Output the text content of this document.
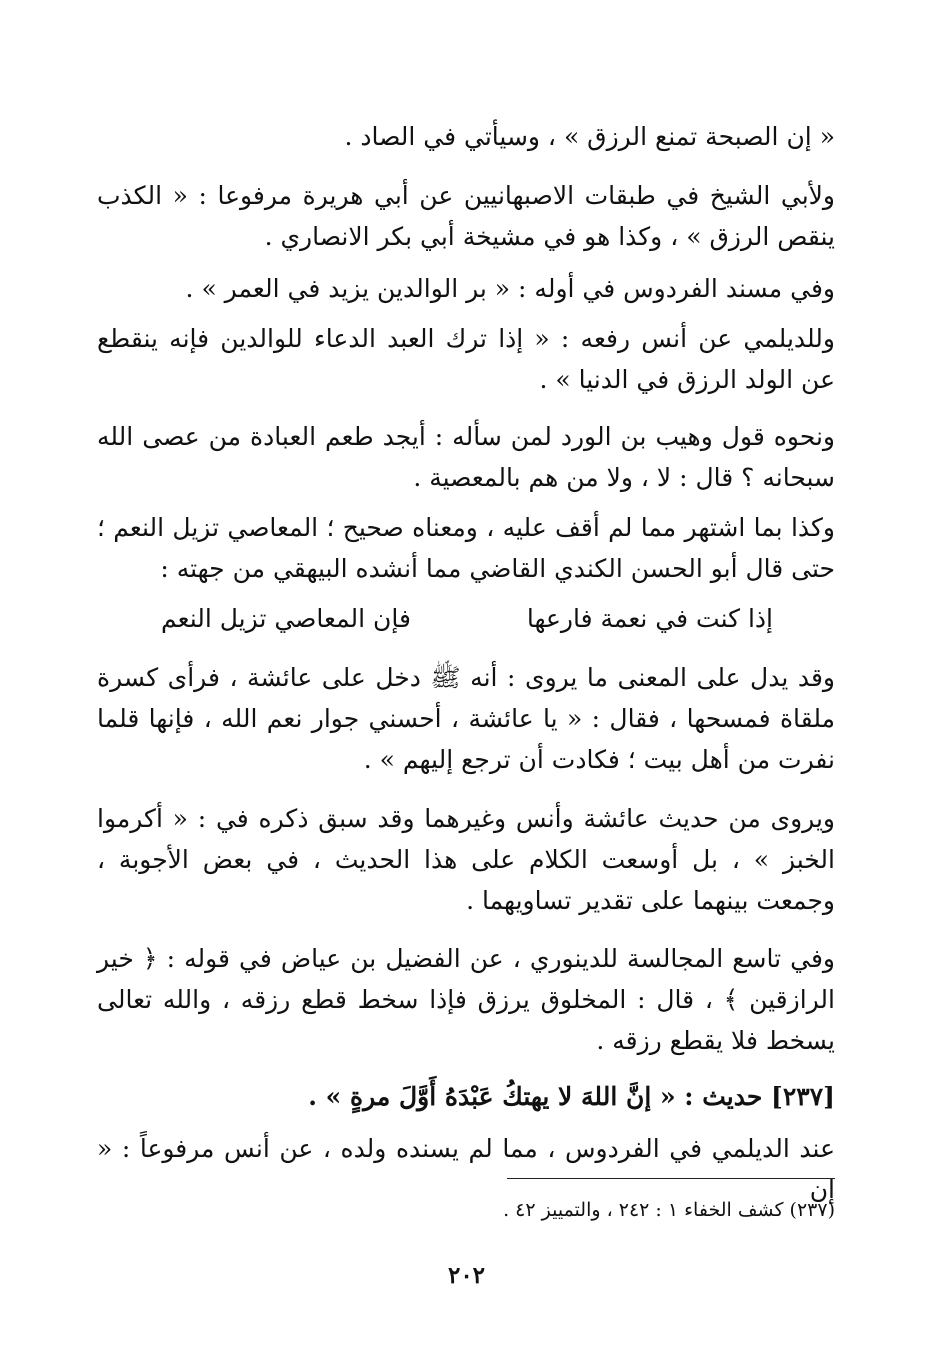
« إن الصبحة تمنع الرزق » ، وسيأتي في الصاد .

ولأبي الشيخ في طبقات الاصبهانيين عن أبي هريرة مرفوعا : « الكذب ينقص الرزق » ، وكذا هو في مشيخة أبي بكر الانصاري .

وفي مسند الفردوس في أوله : « بر الوالدين يزيد في العمر » .

وللديلمي عن أنس رفعه : « إذا ترك العبد الدعاء للوالدين فإنه ينقطع عن الولد الرزق في الدنيا » .

ونحوه قول وهيب بن الورد لمن سأله : أيجد طعم العبادة من عصى الله سبحانه ؟ قال : لا ، ولا من هم بالمعصية .

وكذا بما اشتهر مما لم أقف عليه ، ومعناه صحيح ؛ المعاصي تزيل النعم ؛ حتى قال أبو الحسن الكندي القاضي مما أنشده البيهقي من جهته :

إذا كنت في نعمة فارعها
فإن المعاصي تزيل النعم

وقد يدل على المعنى ما يروى : أنه ﷺ دخل على عائشة ، فرأى كسرة ملقاة فمسحها ، فقال : « يا عائشة ، أحسني جوار نعم الله ، فإنها قلما نفرت من أهل بيت ؛ فكادت أن ترجع إليهم » .

ويروى من حديث عائشة وأنس وغيرهما وقد سبق ذكره في : « أكرموا الخبز » ، بل أوسعت الكلام على هذا الحديث ، في بعض الأجوبة ، وجمعت بينهما على تقدير تساويهما .

وفي تاسع المجالسة للدينوري ، عن الفضيل بن عياض في قوله : ﴿ خير الرازقين ﴾ ، قال : المخلوق يرزق فإذا سخط قطع رزقه ، والله تعالى يسخط فلا يقطع رزقه .

[٢٣٧] حديث : « إنَّ اللهَ لا يهتكُ عَبْدَهُ أَوَّلَ مرةٍ » .

عند الديلمي في الفردوس ، مما لم يسنده ولده ، عن أنس مرفوعاً : « إن

(٢٣٧) كشف الخفاء ١ : ٢٤٢ ، والتمييز ٤٢ .

٢٠٢
